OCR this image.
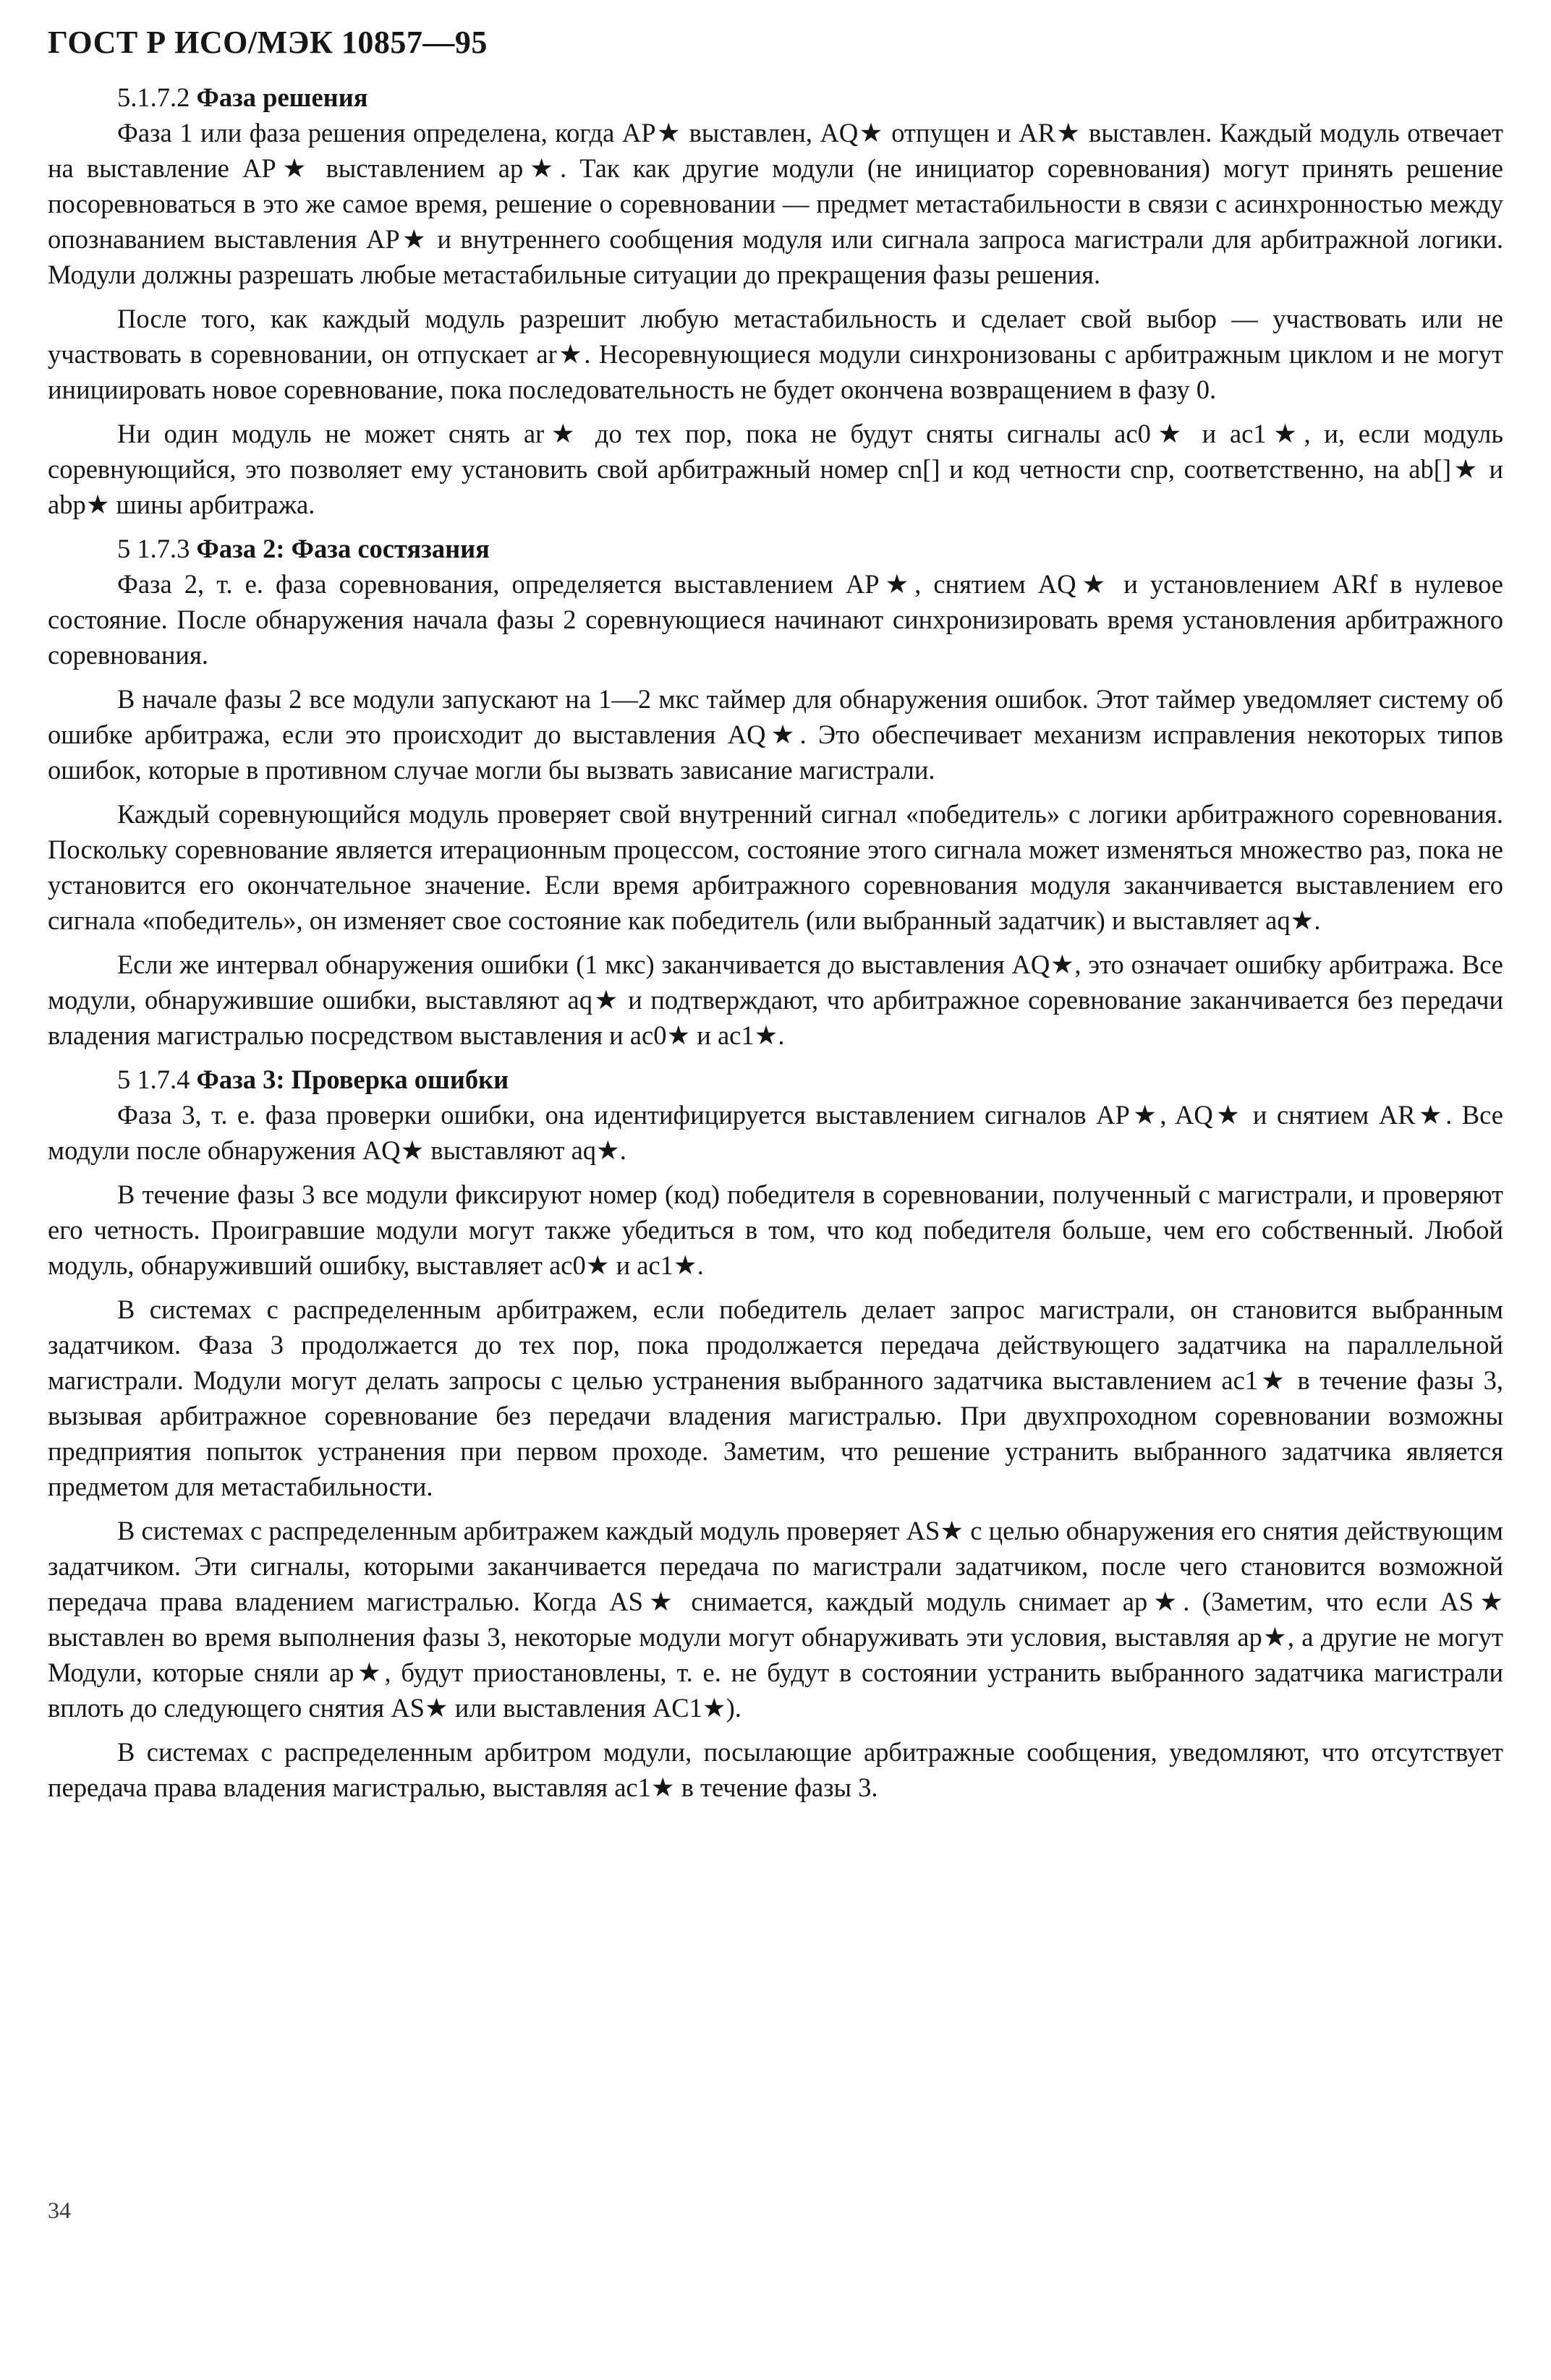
ГОСТ Р ИСО/МЭК 10857—95
5.1.7.2 Фаза решения

Фаза 1 или фаза решения определена, когда AP★ выставлен, AQ★ отпущен и AR★ выставлен. Каждый модуль отвечает на выставление AP★ выставлением ap★. Так как другие модули (не инициатор соревнования) могут принять решение посоревноваться в это же самое время, решение о соревновании — предмет метастабильности в связи с асинхронностью между опознаванием выставления AP★ и внутреннего сообщения модуля или сигнала запроса магистрали для арбитражной логики. Модули должны разрешать любые метастабильные ситуации до прекращения фазы решения.

После того, как каждый модуль разрешит любую метастабильность и сделает свой выбор — участвовать или не участвовать в соревновании, он отпускает ar★. Несоревнующиеся модули синхронизованы с арбитражным циклом и не могут инициировать новое соревнование, пока последовательность не будет окончена возвращением в фазу 0.

Ни один модуль не может снять ar★ до тех пор, пока не будут сняты сигналы ac0★ и ac1★, и, если модуль соревнующийся, это позволяет ему установить свой арбитражный номер cn[] и код четности cnp, соответственно, на ab[]★ и abp★ шины арбитража.

5 1.7.3 Фаза 2: Фаза состязания

Фаза 2, т. е. фаза соревнования, определяется выставлением AP★, снятием AQ★ и установлением ARf в нулевое состояние. После обнаружения начала фазы 2 соревнующиеся начинают синхронизировать время установления арбитражного соревнования.

В начале фазы 2 все модули запускают на 1—2 мкс таймер для обнаружения ошибок. Этот таймер уведомляет систему об ошибке арбитража, если это происходит до выставления AQ★. Это обеспечивает механизм исправления некоторых типов ошибок, которые в противном случае могли бы вызвать зависание магистрали.

Каждый соревнующийся модуль проверяет свой внутренний сигнал «победитель» с логики арбитражного соревнования. Поскольку соревнование является итерационным процессом, состояние этого сигнала может изменяться множество раз, пока не установится его окончательное значение. Если время арбитражного соревнования модуля заканчивается выставлением его сигнала «победитель», он изменяет свое состояние как победитель (или выбранный задатчик) и выставляет aq★.

Если же интервал обнаружения ошибки (1 мкс) заканчивается до выставления AQ★, это означает ошибку арбитража. Все модули, обнаружившие ошибки, выставляют aq★ и подтверждают, что арбитражное соревнование заканчивается без передачи владения магистралью посредством выставления и ac0★ и ac1★.

5 1.7.4 Фаза 3: Проверка ошибки

Фаза 3, т. е. фаза проверки ошибки, она идентифицируется выставлением сигналов AP★, AQ★ и снятием AR★. Все модули после обнаружения AQ★ выставляют aq★.

В течение фазы 3 все модули фиксируют номер (код) победителя в соревновании, полученный с магистрали, и проверяют его четность. Проигравшие модули могут также убедиться в том, что код победителя больше, чем его собственный. Любой модуль, обнаруживший ошибку, выставляет ac0★ и ac1★.

В системах с распределенным арбитражем, если победитель делает запрос магистрали, он становится выбранным задатчиком. Фаза 3 продолжается до тех пор, пока продолжается передача действующего задатчика на параллельной магистрали. Модули могут делать запросы с целью устранения выбранного задатчика выставлением ac1★ в течение фазы 3, вызывая арбитражное соревнование без передачи владения магистралью. При двухпроходном соревновании возможны предприятия попыток устранения при первом проходе. Заметим, что решение устранить выбранного задатчика является предметом для метастабильности.

В системах с распределенным арбитражем каждый модуль проверяет AS★ с целью обнаружения его снятия действующим задатчиком. Эти сигналы, которыми заканчивается передача по магистрали задатчиком, после чего становится возможной передача права владением магистралью. Когда AS★ снимается, каждый модуль снимает ap★. (Заметим, что если AS★ выставлен во время выполнения фазы 3, некоторые модули могут обнаруживать эти условия, выставляя ap★, а другие не могут Модули, которые сняли ap★, будут приостановлены, т. е. не будут в состоянии устранить выбранного задатчика магистрали вплоть до следующего снятия AS★ или выставления AC1★).

В системах с распределенным арбитром модули, посылающие арбитражные сообщения, уведомляют, что отсутствует передача права владения магистралью, выставляя ac1★ в течение фазы 3.

34
